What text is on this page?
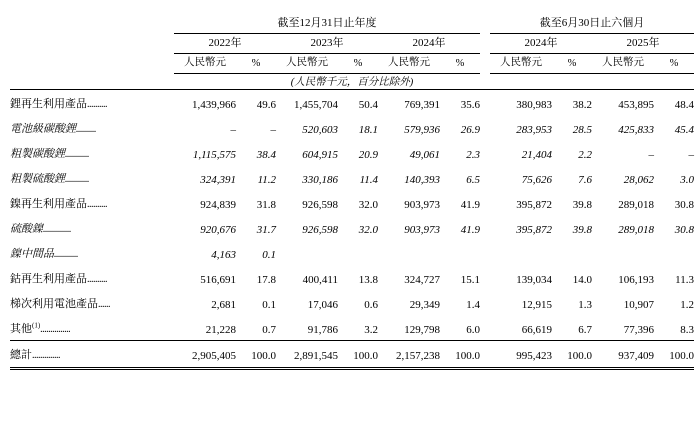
	截至12月31日止年度							截至6月30日止六個月			

	2022年		2023年		2024年			2024年		2025年	

	人民幣元	%	人民幣元	%	人民幣元	%		人民幣元	%	人民幣元	%

(人民幣千元，百分比除外)											

鋰再生利用產品..........	1,439,966	49.6	1,455,704	50.4	769,391	35.6		380,983	38.2	453,895	48.4
電池級碳酸鋰..........	–	–	520,603	18.1	579,936	26.9		283,953	28.5	425,833	45.4
粗製碳酸鋰............	1,115,575	38.4	604,915	20.9	49,061	2.3		21,404	2.2	–	–
粗製硫酸鋰............	324,391	11.2	330,186	11.4	140,393	6.5		75,626	7.6	28,062	3.0
鎳再生利用產品..........	924,839	31.8	926,598	32.0	903,973	41.9		395,872	39.8	289,018	30.8
硫酸鎳..............	920,676	31.7	926,598	32.0	903,973	41.9		395,872	39.8	289,018	30.8
鎳中間品............	4,163	0.1									
鈷再生利用產品..........	516,691	17.8	400,411	13.8	324,727	15.1		139,034	14.0	106,193	11.3
梯次利用電池產品......	2,681	0.1	17,046	0.6	29,349	1.4		12,915	1.3	10,907	1.2
其他$^{(1)}$...............	21,228	0.7	91,786	3.2	129,798	6.0		66,619	6.7	77,396	8.3
總計..............	2,905,405	100.0	2,891,545	100.0	2,157,238	100.0		995,423	100.0	937,409	100.0
